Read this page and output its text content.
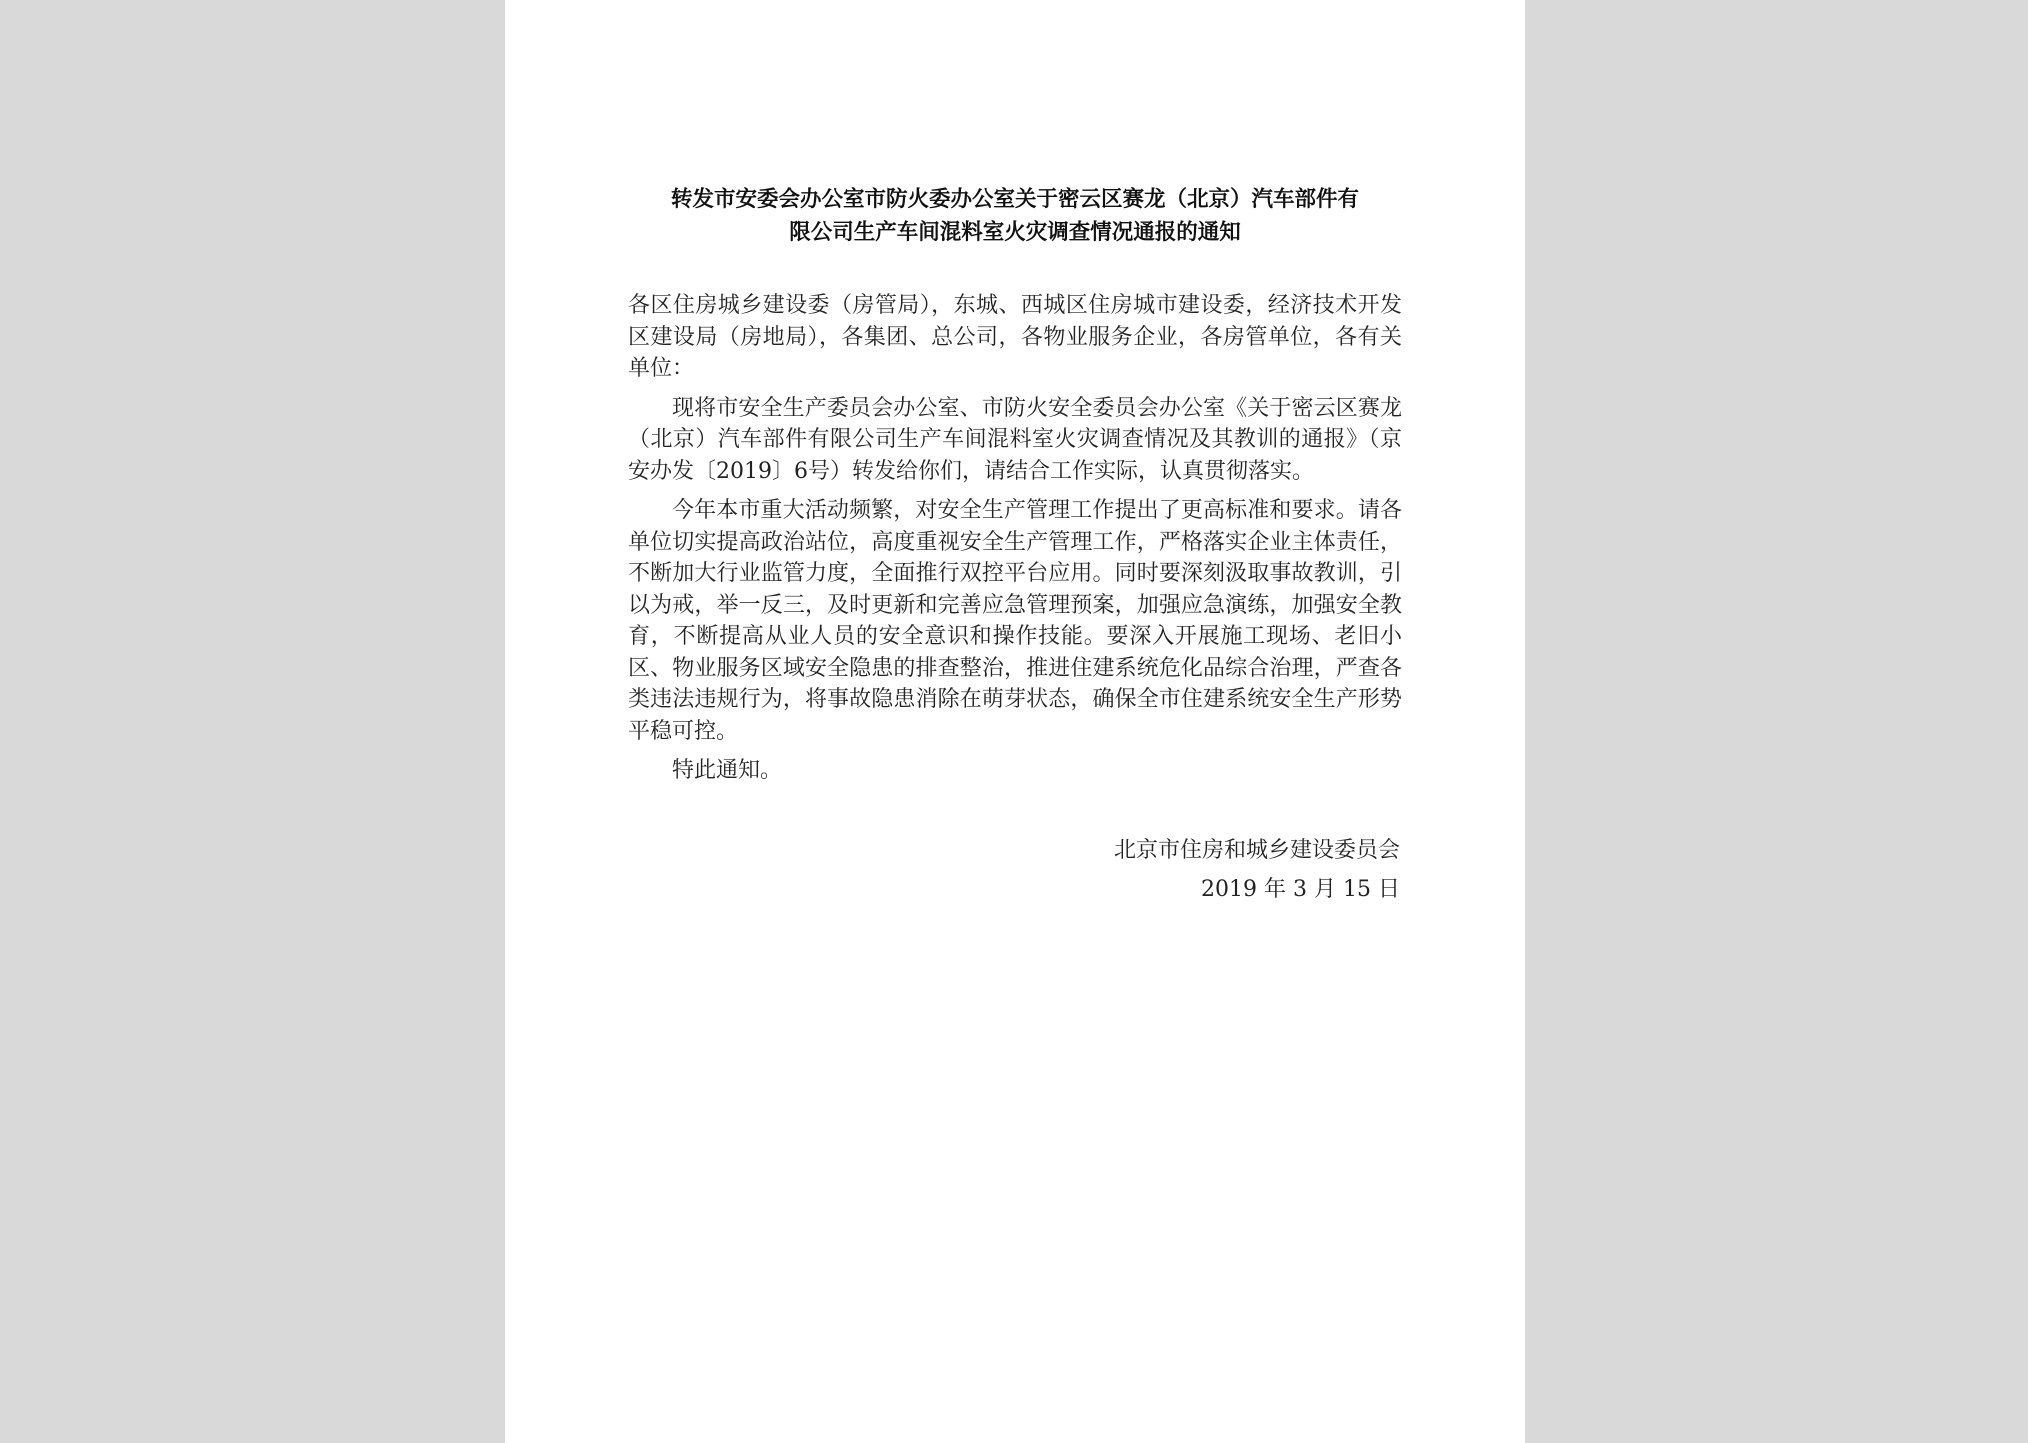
转发市安委会办公室市防火委办公室关于密云区赛龙（北京）汽车部件有
限公司生产车间混料室火灾调查情况通报的通知

各区住房城乡建设委（房管局），东城、西城区住房城市建设委，经济技术开发区建设局（房地局），各集团、总公司，各物业服务企业，各房管单位，各有关单位：

现将市安全生产委员会办公室、市防火安全委员会办公室《关于密云区赛龙（北京）汽车部件有限公司生产车间混料室火灾调查情况及其教训的通报》（京安办发〔2019〕6号）转发给你们，请结合工作实际，认真贯彻落实。

今年本市重大活动频繁，对安全生产管理工作提出了更高标准和要求。请各单位切实提高政治站位，高度重视安全生产管理工作，严格落实企业主体责任，不断加大行业监管力度，全面推行双控平台应用。同时要深刻汲取事故教训，引以为戒，举一反三，及时更新和完善应急管理预案，加强应急演练，加强安全教育，不断提高从业人员的安全意识和操作技能。要深入开展施工现场、老旧小区、物业服务区域安全隐患的排查整治，推进住建系统危化品综合治理，严查各类违法违规行为，将事故隐患消除在萌芽状态，确保全市住建系统安全生产形势平稳可控。

特此通知。

北京市住房和城乡建设委员会
2019 年 3 月 15 日
